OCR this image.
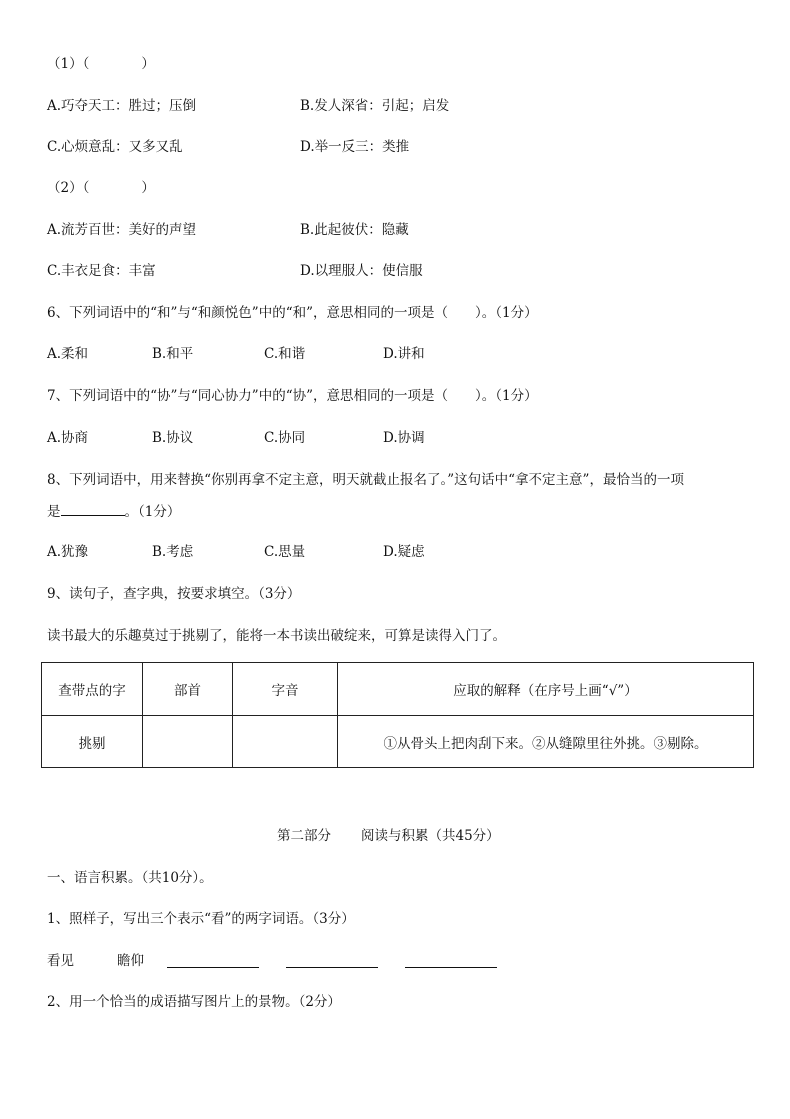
（1）（	）
A.巧夺天工：胜过；压倒	B.发人深省：引起；启发
C.心烦意乱：又多又乱	D.举一反三：类推
（2）（	）
A.流芳百世：美好的声望	B.此起彼伏：隐藏
C.丰衣足食：丰富	D.以理服人：使信服
6、下列词语中的“和”与“和颜悦色”中的“和”，意思相同的一项是（　　）。（1分）
A.柔和	B.和平	C.和谐	D.讲和
7、下列词语中的“协”与“同心协力”中的“协”，意思相同的一项是（　　）。（1分）
A.协商	B.协议	C.协同	D.协调
8、下列词语中，用来替换“你别再拿不定主意，明天就截止报名了。”这句话中“拿不定主意”，最恰当的一项
是	。（1分）
A.犹豫	B.考虑	C.思量	D.疑虑
9、读句子，查字典，按要求填空。（3分）
读书最大的乐趣莫过于挑剔了，能将一本书读出破绽来，可算是读得入门了。
查带点的字	部首	字音	应取的解释（在序号上画“√”）
挑剔			①从骨头上把肉刮下来。②从缝隙里往外挑。③剔除。
第二部分 阅读与积累（共45分）
一、语言积累。（共10分）。
1、照样子，写出三个表示“看”的两字词语。（3分）
看见	瞻仰
2、用一个恰当的成语描写图片上的景物。（2分）
